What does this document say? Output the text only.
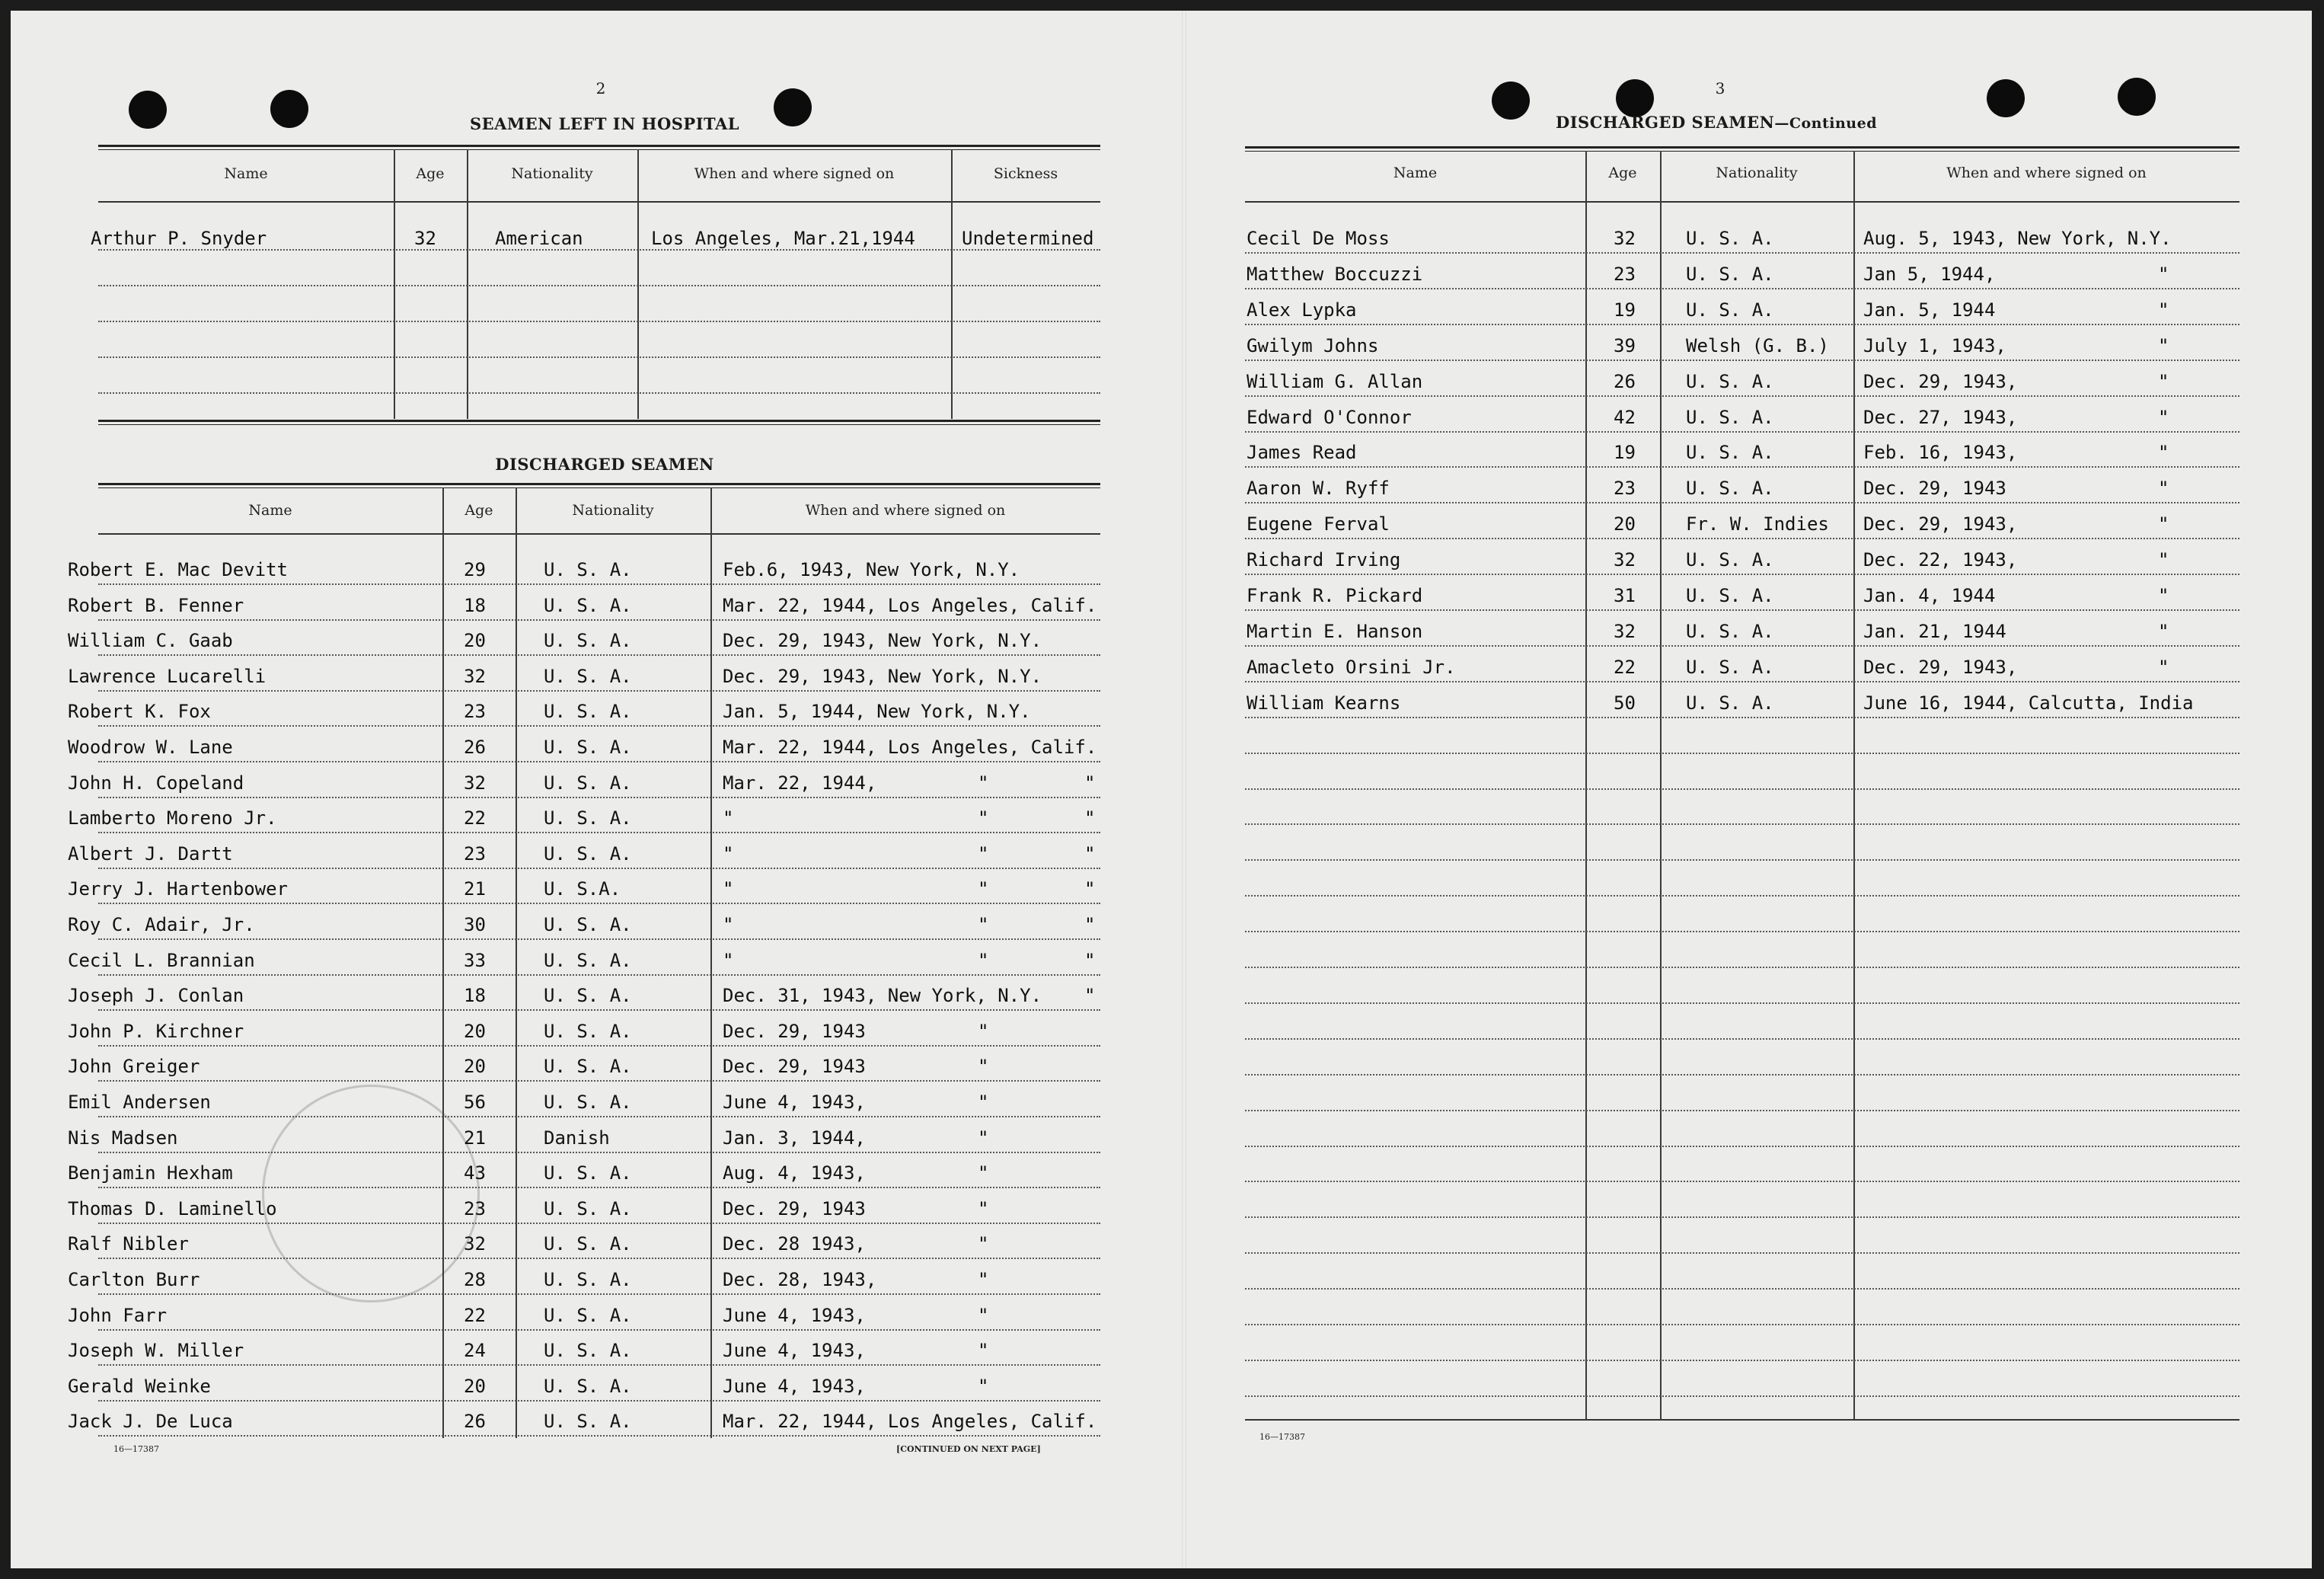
2
SEAMEN LEFT IN HOSPITAL
Name	Age	Nationality	When and where signed on	Sickness
Arthur P. Snyder	32	American	Los Angeles, Mar.21,1944	Undetermined
DISCHARGED SEAMEN
Name	Age	Nationality	When and where signed on
Robert E. Mac Devitt	29	U. S. A.	Feb.6, 1943, New York, N.Y.
Robert B. Fenner	18	U. S. A.	Mar. 22, 1944, Los Angeles, Calif.
William C. Gaab	20	U. S. A.	Dec. 29, 1943, New York, N.Y.
Lawrence Lucarelli	32	U. S. A.	Dec. 29, 1943, New York, N.Y.
Robert K. Fox	23	U. S. A.	Jan. 5, 1944, New York, N.Y.
Woodrow W. Lane	26	U. S. A.	Mar. 22, 1944, Los Angeles, Calif.
John H. Copeland	32	U. S. A.	Mar. 22, 1944,	"	"
Lamberto Moreno Jr.	22	U. S. A.	"	"	"
Albert J. Dartt	23	U. S. A.	"	"	"
Jerry J. Hartenbower	21	U. S.A.	"	"	"
Roy C. Adair, Jr.	30	U. S. A.	"	"	"
Cecil L. Brannian	33	U. S. A.	"	"	"
Joseph J. Conlan	18	U. S. A.	Dec. 31, 1943, New York, N.Y. "
John P. Kirchner	20	U. S. A.	Dec. 29, 1943	"
John Greiger	20	U. S. A.	Dec. 29, 1943	"
Emil Andersen	56	U. S. A.	June 4, 1943,	"
Nis Madsen	21	Danish	Jan. 3, 1944,	"
Benjamin Hexham	43	U. S. A.	Aug. 4, 1943,	"
Thomas D. Laminello	23	U. S. A.	Dec. 29, 1943	"
Ralf Nibler	32	U. S. A.	Dec. 28 1943,	"
Carlton Burr	28	U. S. A.	Dec. 28, 1943,	"
John Farr	22	U. S. A.	June 4, 1943,	"
Joseph W. Miller	24	U. S. A.	June 4, 1943,	"
Gerald Weinke	20	U. S. A.	June 4, 1943,	"
Jack J. De Luca	26	U. S. A.	Mar. 22, 1944, Los Angeles, Calif.
16—17387	[CONTINUED ON NEXT PAGE]
3
DISCHARGED SEAMEN—Continued
Name	Age	Nationality	When and where signed on
Cecil De Moss	32	U. S. A.	Aug. 5, 1943, New York, N.Y.
Matthew Boccuzzi	23	U. S. A.	Jan 5, 1944,	"
Alex Lypka	19	U. S. A.	Jan. 5, 1944	"
Gwilym Johns	39	Welsh (G. B.) July 1, 1943,	"
William G. Allan	26	U. S. A.	Dec. 29, 1943,	"
Edward O'Connor	42	U. S. A.	Dec. 27, 1943,	"
James Read	19	U. S. A.	Feb. 16, 1943,	"
Aaron W. Ryff	23	U. S. A.	Dec. 29, 1943	"
Eugene Ferval	20	Fr. W. Indies Dec. 29, 1943,	"
Richard Irving	32	U. S. A.	Dec. 22, 1943,	"
Frank R. Pickard	31	U. S. A.	Jan. 4, 1944	"
Martin E. Hanson	32	U. S. A.	Jan. 21, 1944	"
Amacleto Orsini Jr.	22	U. S. A.	Dec. 29, 1943,	"
William Kearns	50	U. S. A.	June 16, 1944, Calcutta, India
16—17387
